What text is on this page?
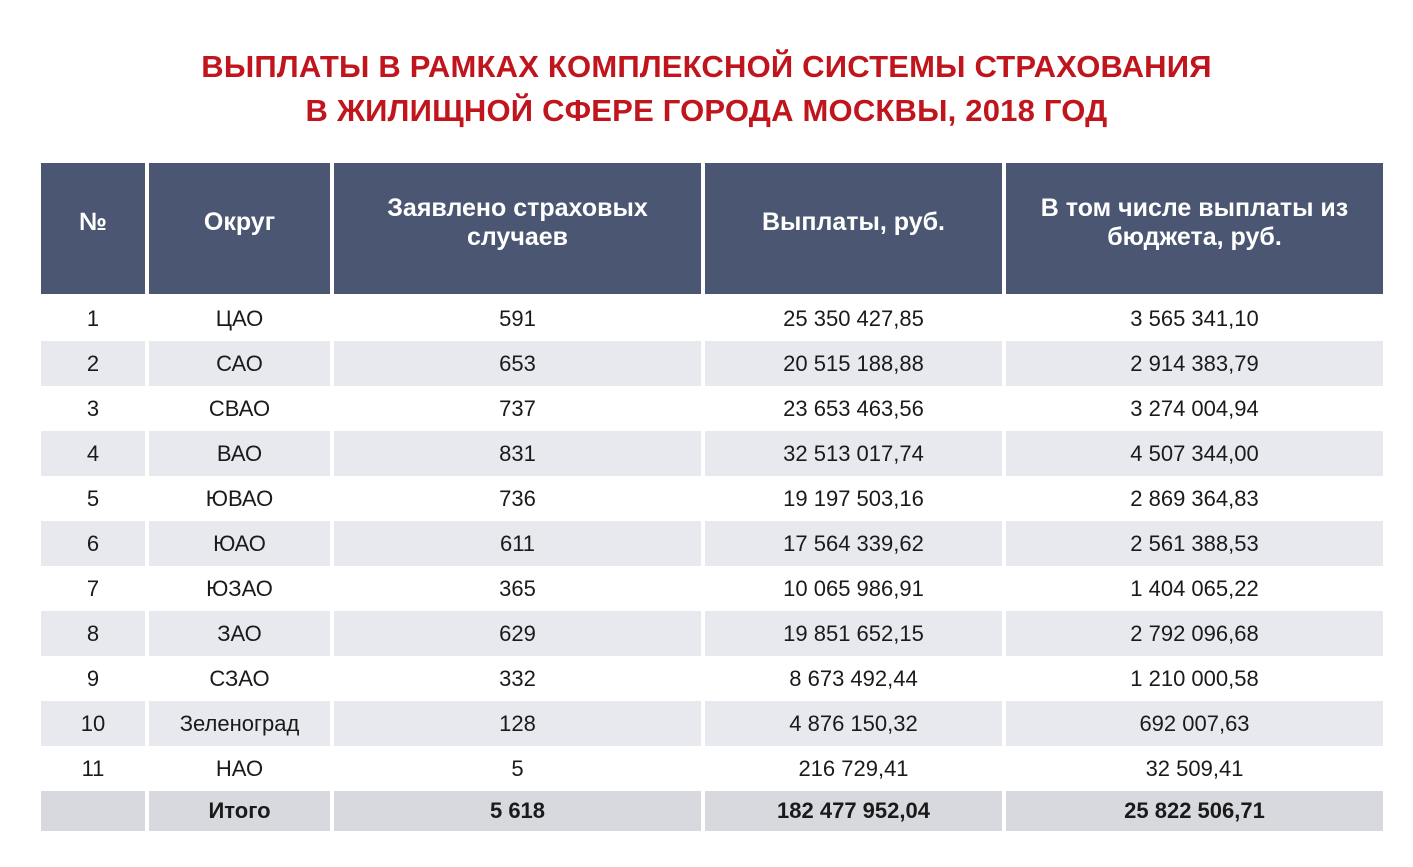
ВЫПЛАТЫ В РАМКАХ КОМПЛЕКСНОЙ СИСТЕМЫ СТРАХОВАНИЯ
В ЖИЛИЩНОЙ СФЕРЕ ГОРОДА МОСКВЫ, 2018 ГОД
№	Округ	Заявлено страховых случаев	Выплаты, руб.	В том числе выплаты из бюджета, руб.

1	ЦАО	591	25 350 427,85	3 565 341,10
2	САО	653	20 515 188,88	2 914 383,79
3	СВАО	737	23 653 463,56	3 274 004,94
4	ВАО	831	32 513 017,74	4 507 344,00
5	ЮВАО	736	19 197 503,16	2 869 364,83
6	ЮАО	611	17 564 339,62	2 561 388,53
7	ЮЗАО	365	10 065 986,91	1 404 065,22
8	ЗАО	629	19 851 652,15	2 792 096,68
9	СЗАО	332	8 673 492,44	1 210 000,58
10	Зеленоград	128	4 876 150,32	692 007,63
11	НАО	5	216 729,41	32 509,41
	Итого	5 618	182 477 952,04	25 822 506,71
